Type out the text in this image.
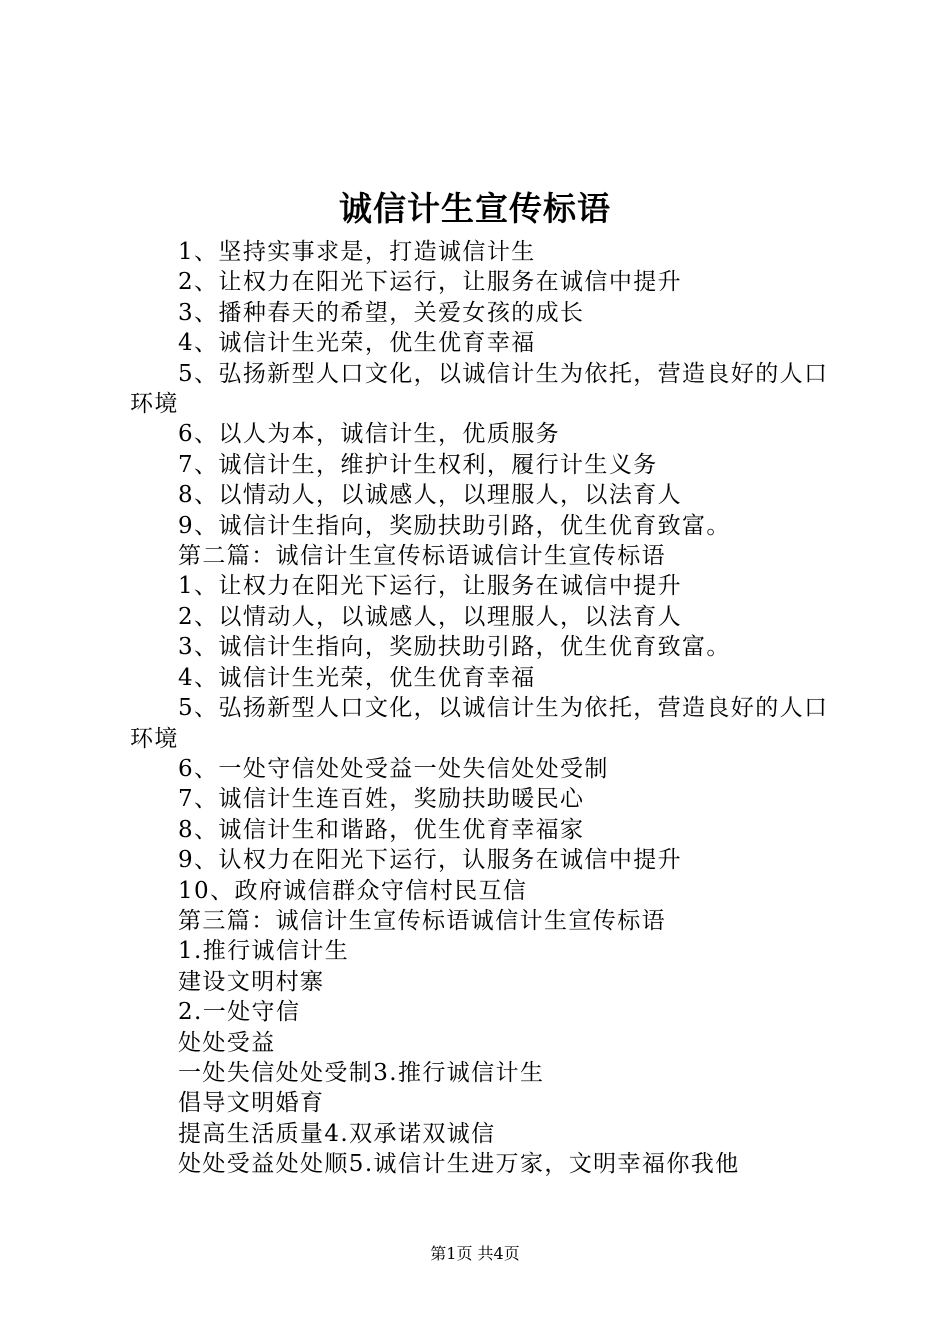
诚信计生宣传标语

1、坚持实事求是，打造诚信计生

2、让权力在阳光下运行，让服务在诚信中提升

3、播种春天的希望，关爱女孩的成长

4、诚信计生光荣，优生优育幸福

5、弘扬新型人口文化，以诚信计生为依托，营造良好的人口环境

6、以人为本，诚信计生，优质服务

7、诚信计生，维护计生权利，履行计生义务

8、以情动人，以诚感人，以理服人，以法育人

9、诚信计生指向，奖励扶助引路，优生优育致富。

第二篇：诚信计生宣传标语诚信计生宣传标语

1、让权力在阳光下运行，让服务在诚信中提升

2、以情动人，以诚感人，以理服人，以法育人

3、诚信计生指向，奖励扶助引路，优生优育致富。

4、诚信计生光荣，优生优育幸福

5、弘扬新型人口文化，以诚信计生为依托，营造良好的人口环境

6、一处守信处处受益一处失信处处受制

7、诚信计生连百姓，奖励扶助暖民心

8、诚信计生和谐路，优生优育幸福家

9、认权力在阳光下运行，认服务在诚信中提升

10、政府诚信群众守信村民互信

第三篇：诚信计生宣传标语诚信计生宣传标语

1.推行诚信计生

建设文明村寨

2.一处守信

处处受益

一处失信处处受制3.推行诚信计生

倡导文明婚育

提高生活质量4.双承诺双诚信

处处受益处处顺5.诚信计生进万家，文明幸福你我他

第1页 共4页
